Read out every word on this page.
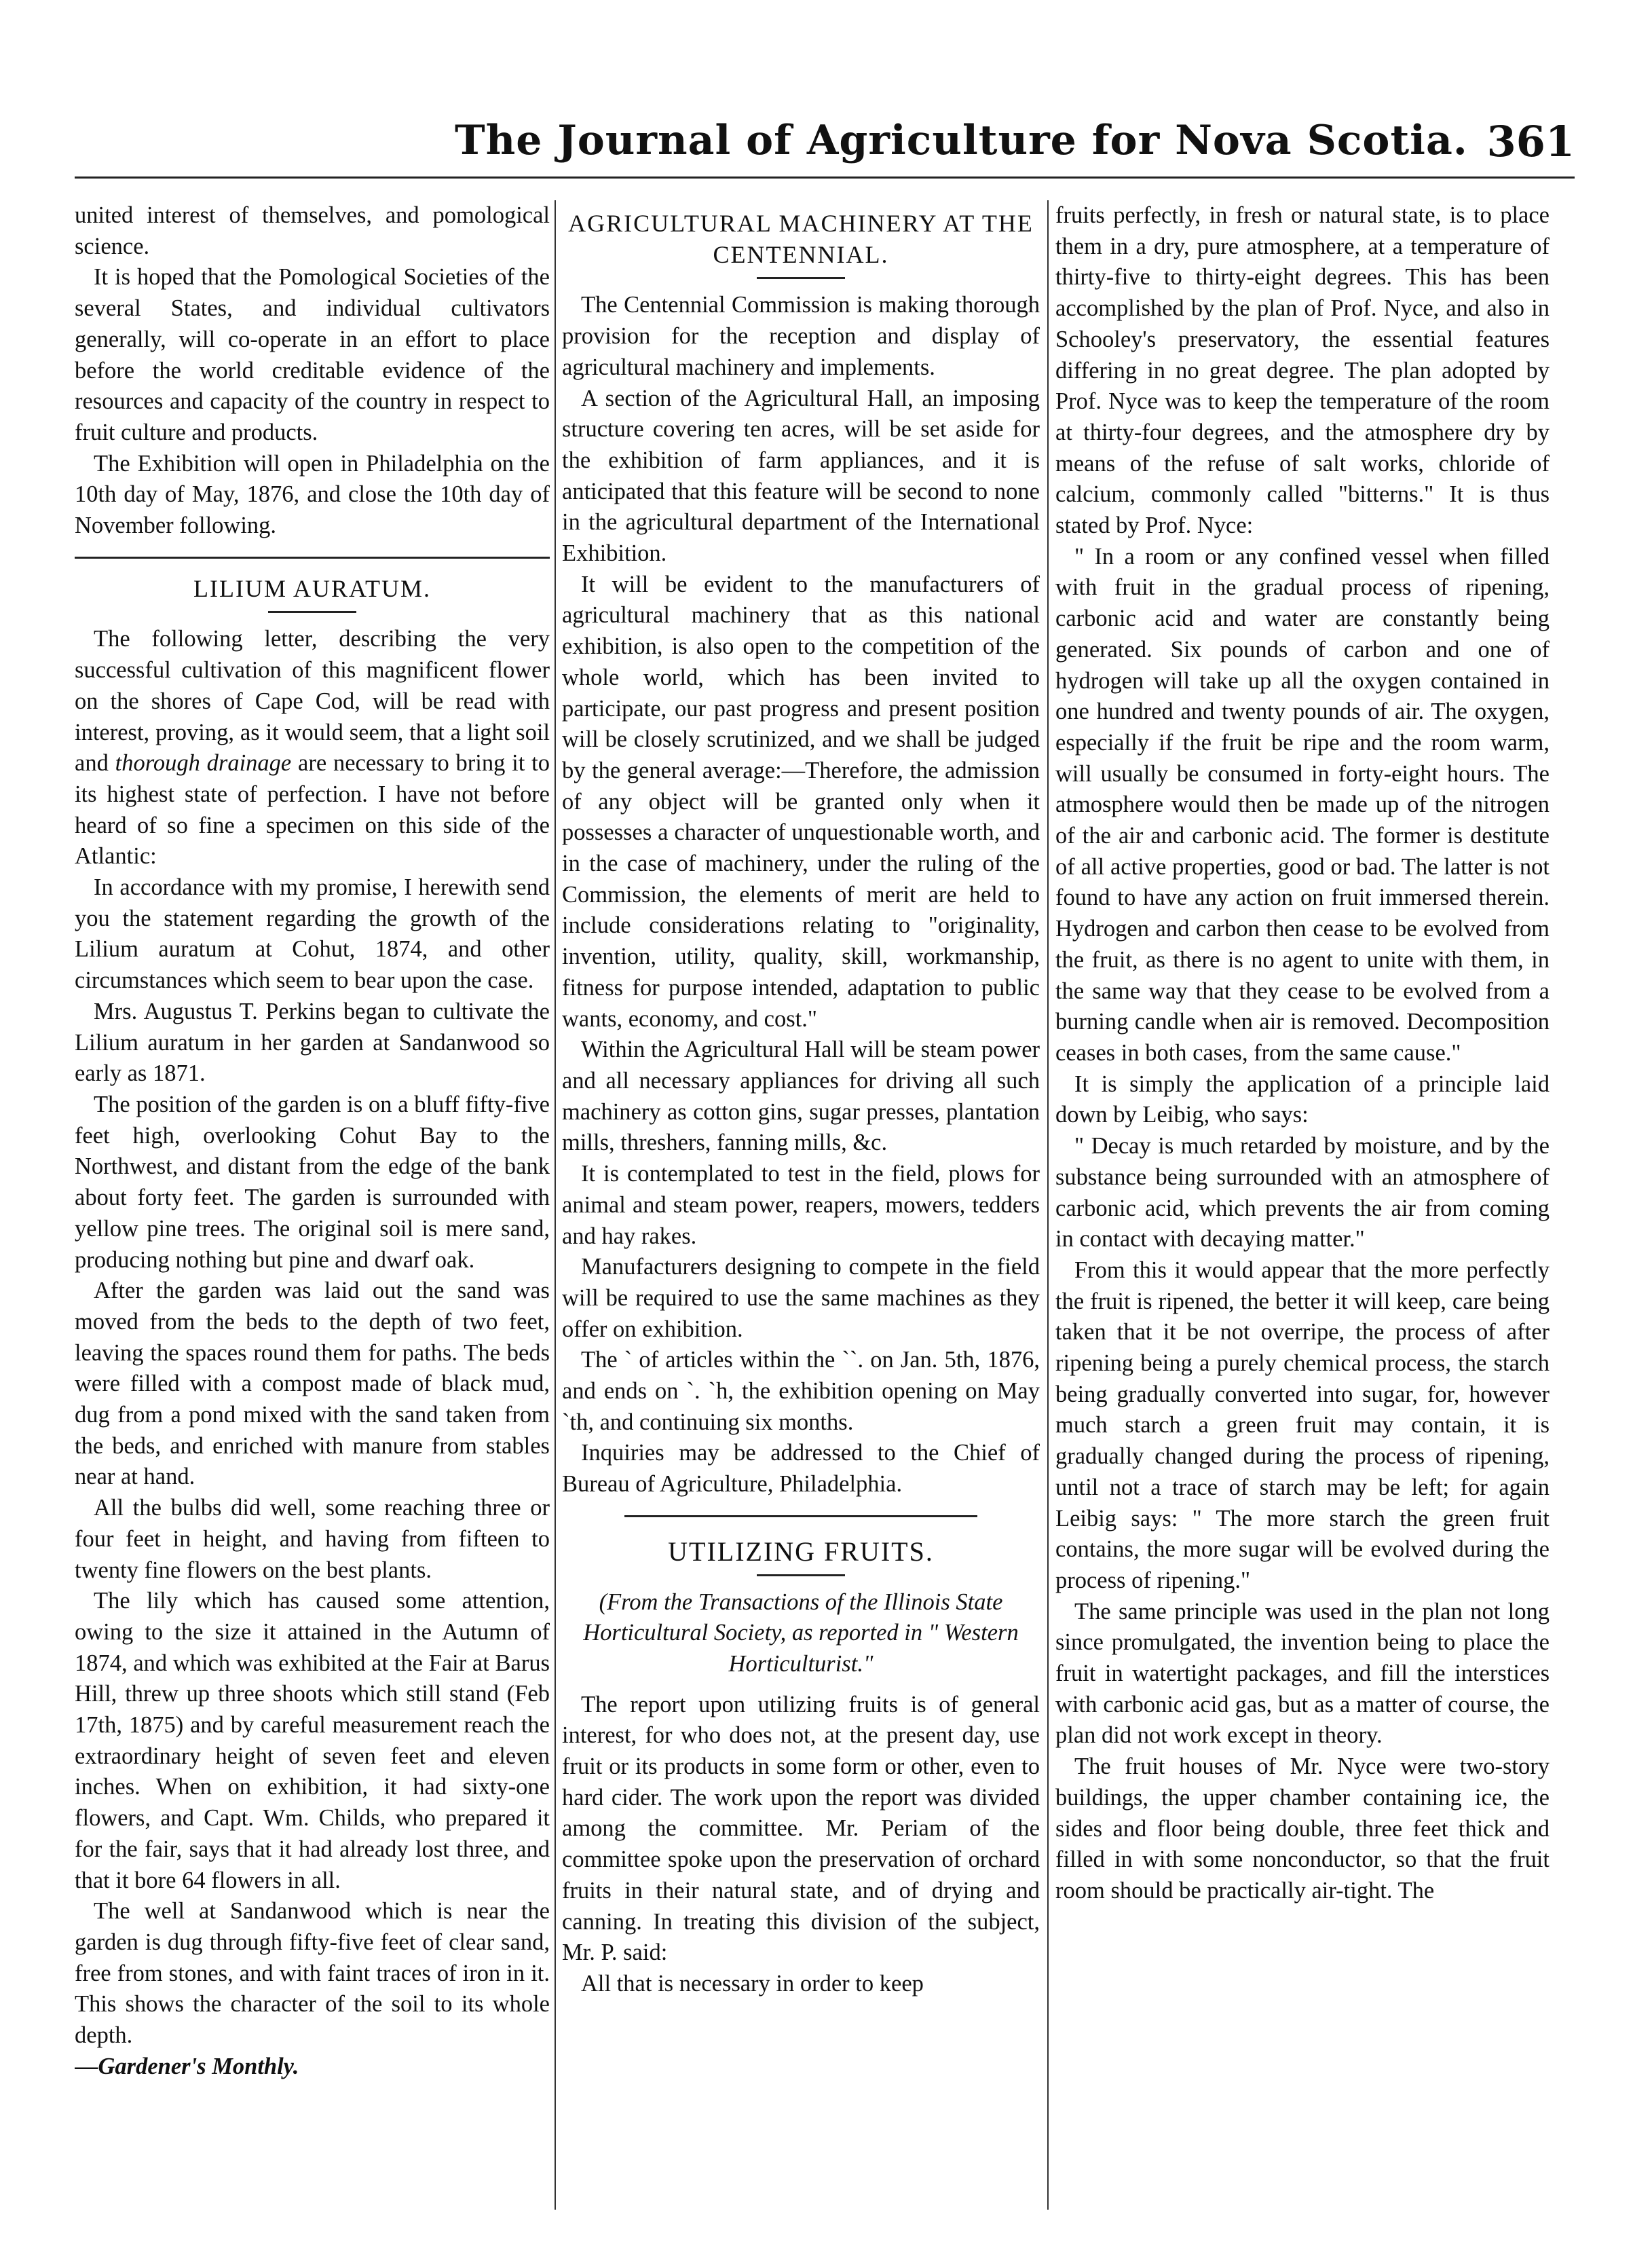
The Journal of Agriculture for Nova Scotia. 361

united interest of themselves, and pomological science.

It is hoped that the Pomological Societies of the several States, and individual cultivators generally, will co-operate in an effort to place before the world creditable evidence of the resources and capacity of the country in respect to fruit culture and products.

The Exhibition will open in Philadelphia on the 10th day of May, 1876, and close the 10th day of November following.

LILIUM AURATUM.

The following letter, describing the very successful cultivation of this magnificent flower on the shores of Cape Cod, will be read with interest, proving, as it would seem, that a light soil and thorough drainage are necessary to bring it to its highest state of perfection. I have not before heard of so fine a specimen on this side of the Atlantic:

In accordance with my promise, I herewith send you the statement regarding the growth of the Lilium auratum at Cohut, 1874, and other circumstances which seem to bear upon the case.

Mrs. Augustus T. Perkins began to cultivate the Lilium auratum in her garden at Sandanwood so early as 1871.

The position of the garden is on a bluff fifty-five feet high, overlooking Cohut Bay to the Northwest, and distant from the edge of the bank about forty feet. The garden is surrounded with yellow pine trees. The original soil is mere sand, producing nothing but pine and dwarf oak.

After the garden was laid out the sand was moved from the beds to the depth of two feet, leaving the spaces round them for paths. The beds were filled with a compost made of black mud, dug from a pond mixed with the sand taken from the beds, and enriched with manure from stables near at hand.

All the bulbs did well, some reaching three or four feet in height, and having from fifteen to twenty fine flowers on the best plants.

The lily which has caused some attention, owing to the size it attained in the Autumn of 1874, and which was exhibited at the Fair at Barus Hill, threw up three shoots which still stand (Feb 17th, 1875) and by careful measurement reach the extraordinary height of seven feet and eleven inches. When on exhibition, it had sixty-one flowers, and Capt. Wm. Childs, who prepared it for the fair, says that it had already lost three, and that it bore 64 flowers in all.

The well at Sandanwood which is near the garden is dug through fifty-five feet of clear sand, free from stones, and with faint traces of iron in it. This shows the character of the soil to its whole depth.

—Gardener's Monthly.

AGRICULTURAL MACHINERY AT THE CENTENNIAL.

The Centennial Commission is making thorough provision for the reception and display of agricultural machinery and implements.

A section of the Agricultural Hall, an imposing structure covering ten acres, will be set aside for the exhibition of farm appliances, and it is anticipated that this feature will be second to none in the agricultural department of the International Exhibition.

It will be evident to the manufacturers of agricultural machinery that as this national exhibition, is also open to the competition of the whole world, which has been invited to participate, our past progress and present position will be closely scrutinized, and we shall be judged by the general average:—Therefore, the admission of any object will be granted only when it possesses a character of unquestionable worth, and in the case of machinery, under the ruling of the Commission, the elements of merit are held to include considerations relating to "originality, invention, utility, quality, skill, workmanship, fitness for purpose intended, adaptation to public wants, economy, and cost."

Within the Agricultural Hall will be steam power and all necessary appliances for driving all such machinery as cotton gins, sugar presses, plantation mills, threshers, fanning mills, &c.

It is contemplated to test in the field, plows for animal and steam power, reapers, mowers, tedders and hay rakes.

Manufacturers designing to compete in the field will be required to use the same machines as they offer on exhibition.

The ` of articles within the ``. on Jan. 5th, 1876, and ends on `. `h, the exhibition opening on May `th, and continuing six months.

Inquiries may be addressed to the Chief of Bureau of Agriculture, Philadelphia.

UTILIZING FRUITS.

(From the Transactions of the Illinois State Horticultural Society, as reported in " Western Horticulturist."

The report upon utilizing fruits is of general interest, for who does not, at the present day, use fruit or its products in some form or other, even to hard cider. The work upon the report was divided among the committee. Mr. Periam of the committee spoke upon the preservation of orchard fruits in their natural state, and of drying and canning. In treating this division of the subject, Mr. P. said:

All that is necessary in order to keep

fruits perfectly, in fresh or natural state, is to place them in a dry, pure atmosphere, at a temperature of thirty-five to thirty-eight degrees. This has been accomplished by the plan of Prof. Nyce, and also in Schooley's preservatory, the essential features differing in no great degree. The plan adopted by Prof. Nyce was to keep the temperature of the room at thirty-four degrees, and the atmosphere dry by means of the refuse of salt works, chloride of calcium, commonly called "bitterns." It is thus stated by Prof. Nyce:

" In a room or any confined vessel when filled with fruit in the gradual process of ripening, carbonic acid and water are constantly being generated. Six pounds of carbon and one of hydrogen will take up all the oxygen contained in one hundred and twenty pounds of air. The oxygen, especially if the fruit be ripe and the room warm, will usually be consumed in forty-eight hours. The atmosphere would then be made up of the nitrogen of the air and carbonic acid. The former is destitute of all active properties, good or bad. The latter is not found to have any action on fruit immersed therein. Hydrogen and carbon then cease to be evolved from the fruit, as there is no agent to unite with them, in the same way that they cease to be evolved from a burning candle when air is removed. Decomposition ceases in both cases, from the same cause."

It is simply the application of a principle laid down by Leibig, who says:

" Decay is much retarded by moisture, and by the substance being surrounded with an atmosphere of carbonic acid, which prevents the air from coming in contact with decaying matter."

From this it would appear that the more perfectly the fruit is ripened, the better it will keep, care being taken that it be not overripe, the process of after ripening being a purely chemical process, the starch being gradually converted into sugar, for, however much starch a green fruit may contain, it is gradually changed during the process of ripening, until not a trace of starch may be left; for again Leibig says: " The more starch the green fruit contains, the more sugar will be evolved during the process of ripening."

The same principle was used in the plan not long since promulgated, the invention being to place the fruit in watertight packages, and fill the interstices with carbonic acid gas, but as a matter of course, the plan did not work except in theory.

The fruit houses of Mr. Nyce were two-story buildings, the upper chamber containing ice, the sides and floor being double, three feet thick and filled in with some nonconductor, so that the fruit room should be practically air-tight. The
